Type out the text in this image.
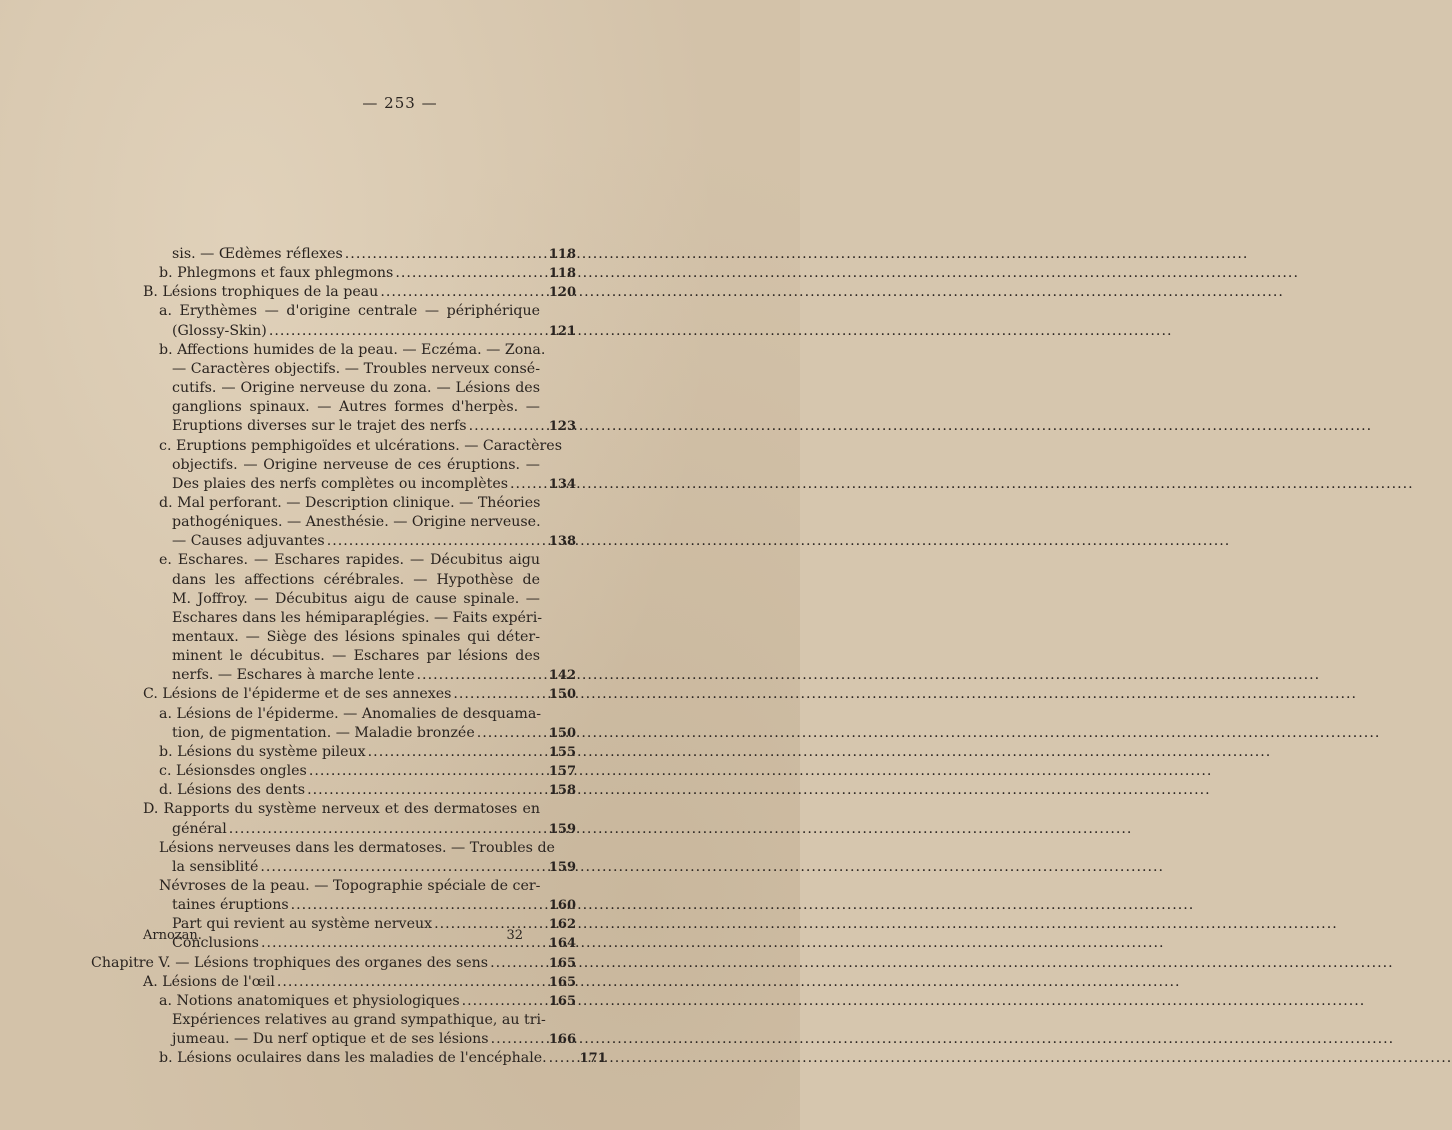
— 253 —
sis. — Œdèmes réflexes .....	118
b. Phlegmons et faux phlegmons .....	118
B. Lésions trophiques de la peau .....	120
a. Erythèmes — d'origine centrale — périphérique
(Glossy-Skin) .....	121
b. Affections humides de la peau. — Eczéma. — Zona.
— Caractères objectifs. — Troubles nerveux consé-
cutifs. — Origine nerveuse du zona. — Lésions des
ganglions spinaux. — Autres formes d'herpès. —
Eruptions diverses sur le trajet des nerfs .....	123
c. Eruptions pemphigoïdes et ulcérations. — Caractères
objectifs. — Origine nerveuse de ces éruptions. —
Des plaies des nerfs complètes ou incomplètes .....	134
d. Mal perforant. — Description clinique. — Théories
pathogéniques. — Anesthésie. — Origine nerveuse.
— Causes adjuvantes .....	138
e. Eschares. — Eschares rapides. — Décubitus aigu
dans les affections cérébrales. — Hypothèse de
M. Joffroy. — Décubitus aigu de cause spinale. —
Eschares dans les hémiparaplégies. — Faits expéri-
mentaux. — Siège des lésions spinales qui déter-
minent le décubitus. — Eschares par lésions des
nerfs. — Eschares à marche lente .....	142
C. Lésions de l'épiderme et de ses annexes .....	150
a. Lésions de l'épiderme. — Anomalies de desquama-
tion, de pigmentation. — Maladie bronzée .....	150
b. Lésions du système pileux .....	155
c. Lésionsdes ongles .....	157
d. Lésions des dents .....	158
D. Rapports du système nerveux et des dermatoses en
général .....	159
Lésions nerveuses dans les dermatoses. — Troubles de
la sensiblité .....	159
Névroses de la peau. — Topographie spéciale de cer-
taines éruptions .....	160
Part qui revient au système nerveux .....	162
Conclusions .....	164
Chapitre V. — Lésions trophiques des organes des sens .....	165
A. Lésions de l'œil .....	165
a. Notions anatomiques et physiologiques .....	165
Expériences relatives au grand sympathique, au tri-
jumeau. — Du nerf optique et de ses lésions .....	166
b. Lésions oculaires dans les maladies de l'encéphale. .....	171
Arnozan.	32
